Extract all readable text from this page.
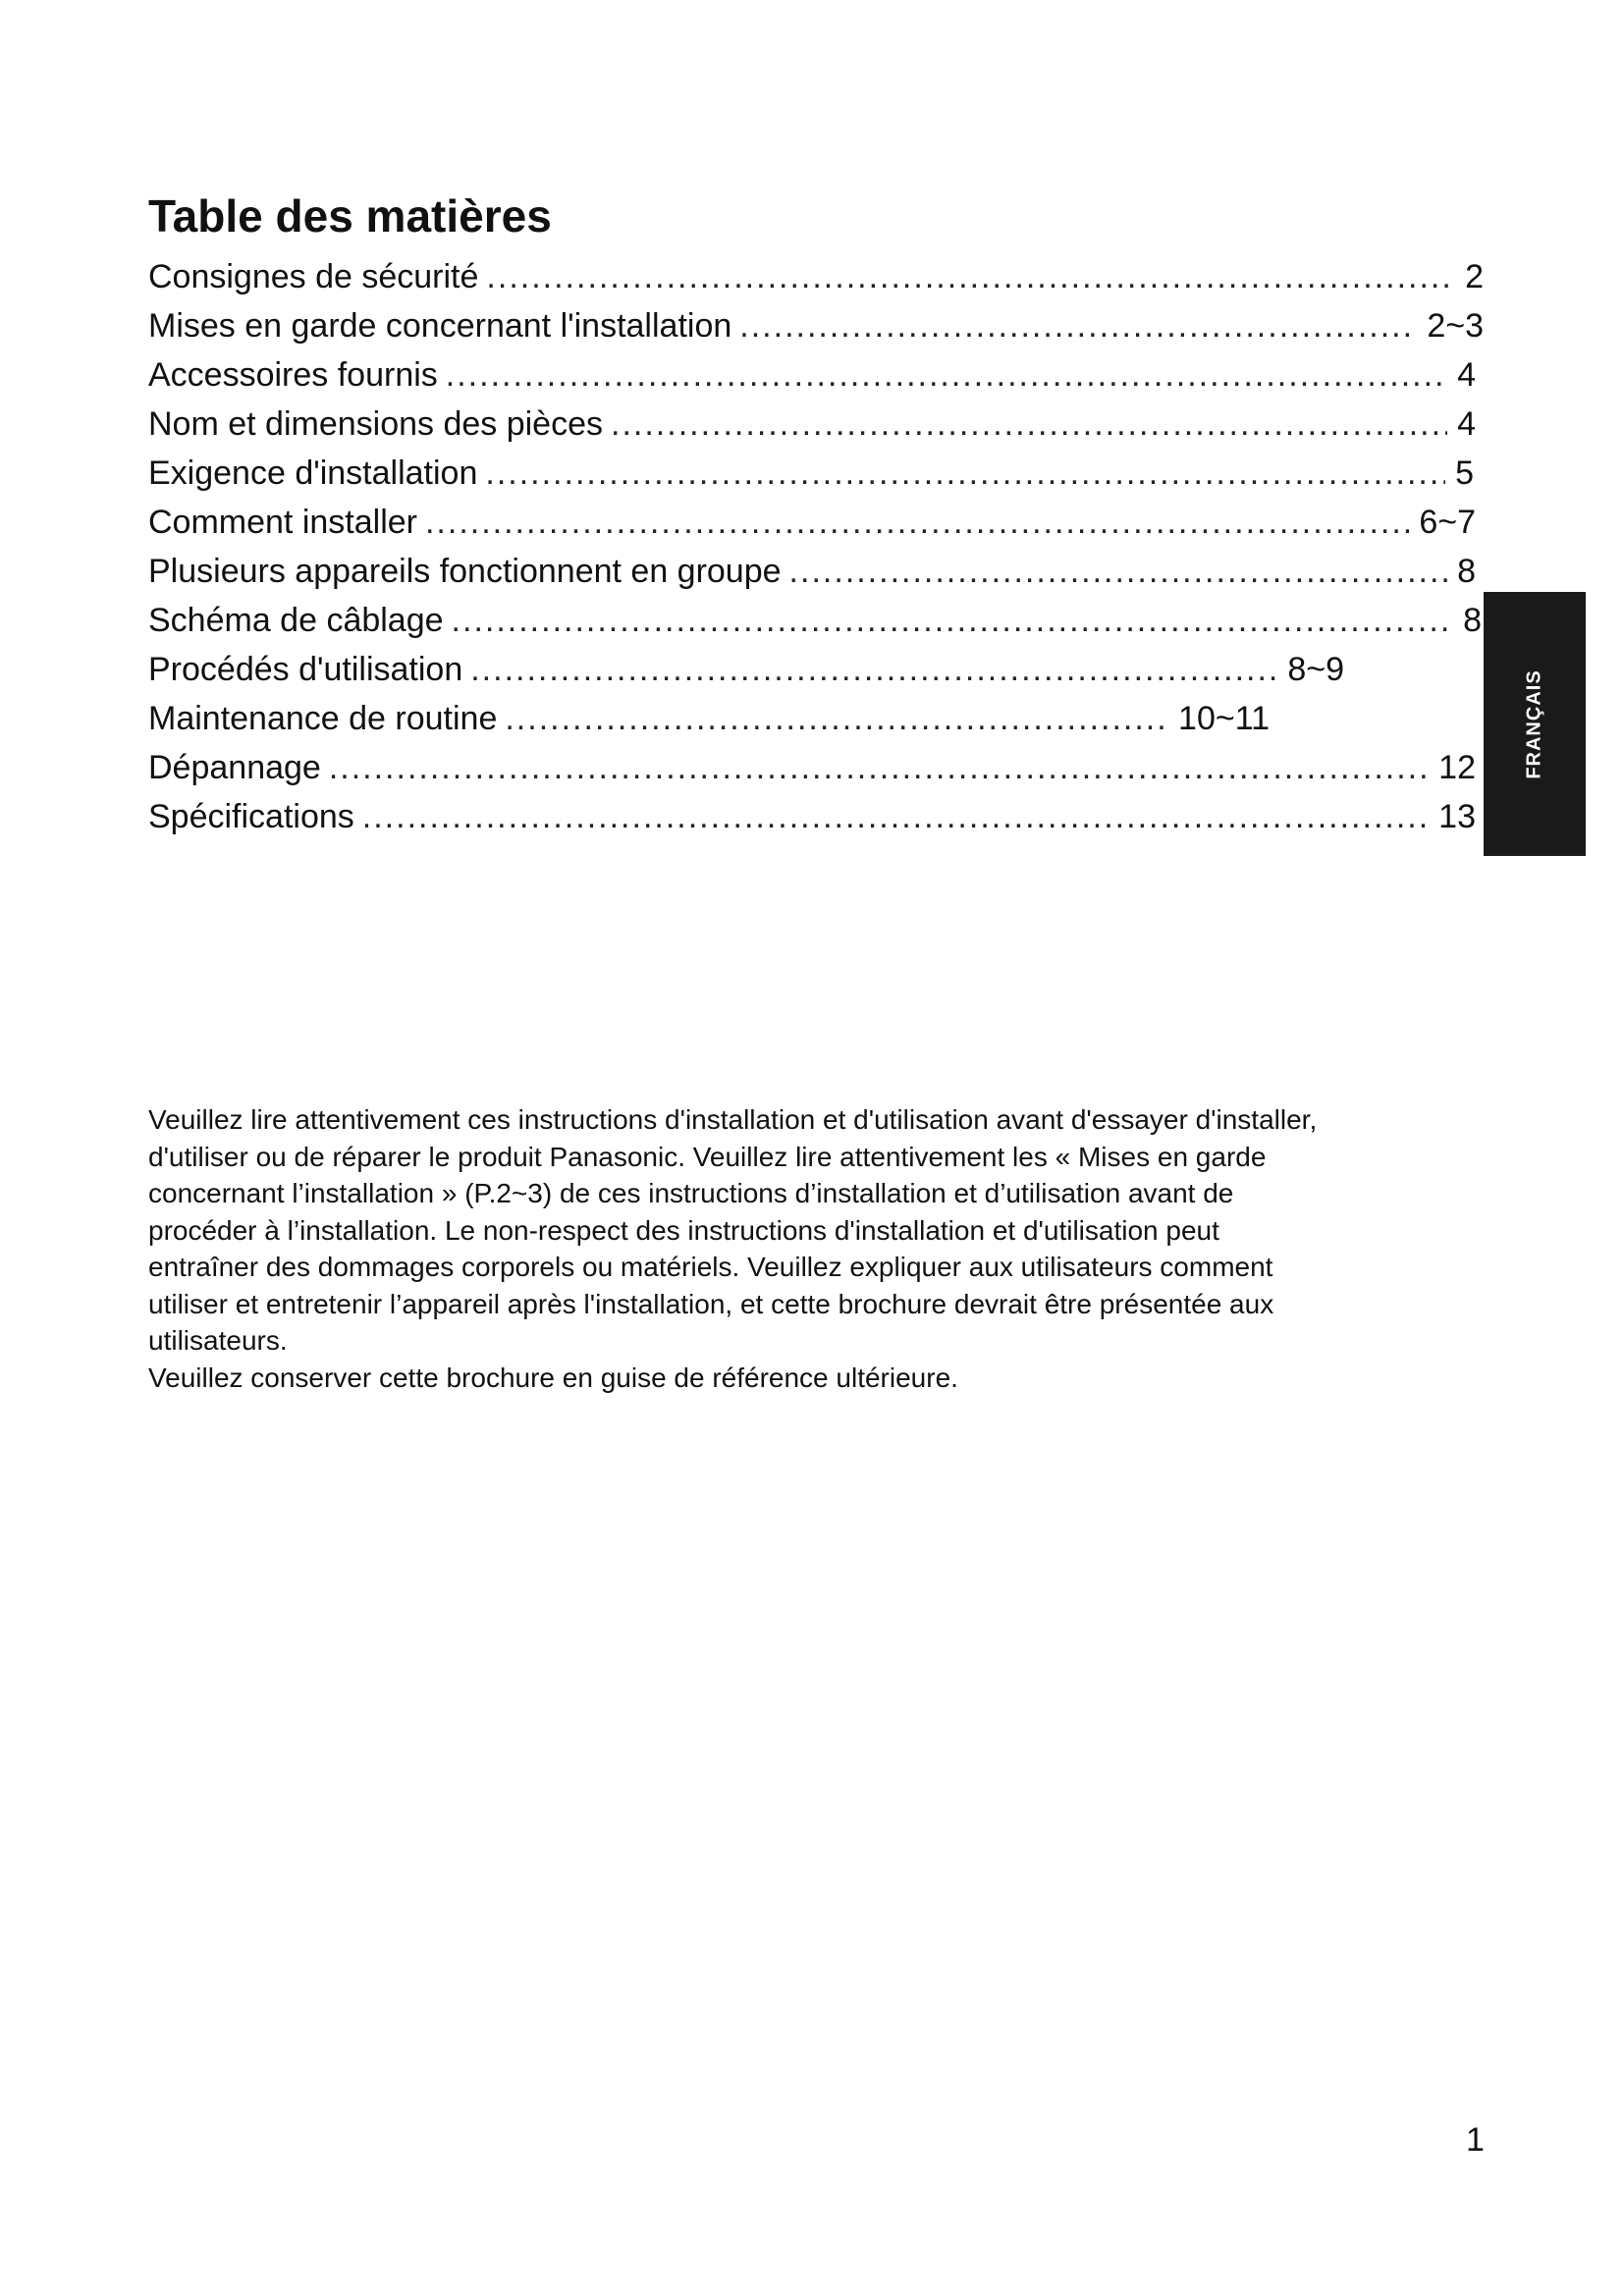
Table des matières
Consignes de sécurité .....	2
Mises en garde concernant l'installation .....	2~3
Accessoires fournis .....	4
Nom et dimensions des pièces .....	4
Exigence d'installation .....	5
Comment installer .....	6~7
Plusieurs appareils fonctionnent en groupe .....	8
Schéma de câblage .....	8
Procédés d'utilisation .....	8~9
Maintenance de routine .....	10~11
Dépannage .....	12
Spécifications .....	13
FRANÇAIS
Veuillez lire attentivement ces instructions d'installation et d'utilisation avant d'essayer d'installer,
d'utiliser ou de réparer le produit Panasonic. Veuillez lire attentivement les « Mises en garde
concernant l’installation » (P.2~3) de ces instructions d’installation et d’utilisation avant de
procéder à l’installation. Le non-respect des instructions d'installation et d'utilisation peut
entraîner des dommages corporels ou matériels. Veuillez expliquer aux utilisateurs comment
utiliser et entretenir l’appareil après l'installation, et cette brochure devrait être présentée aux
utilisateurs.
Veuillez conserver cette brochure en guise de référence ultérieure.
1
